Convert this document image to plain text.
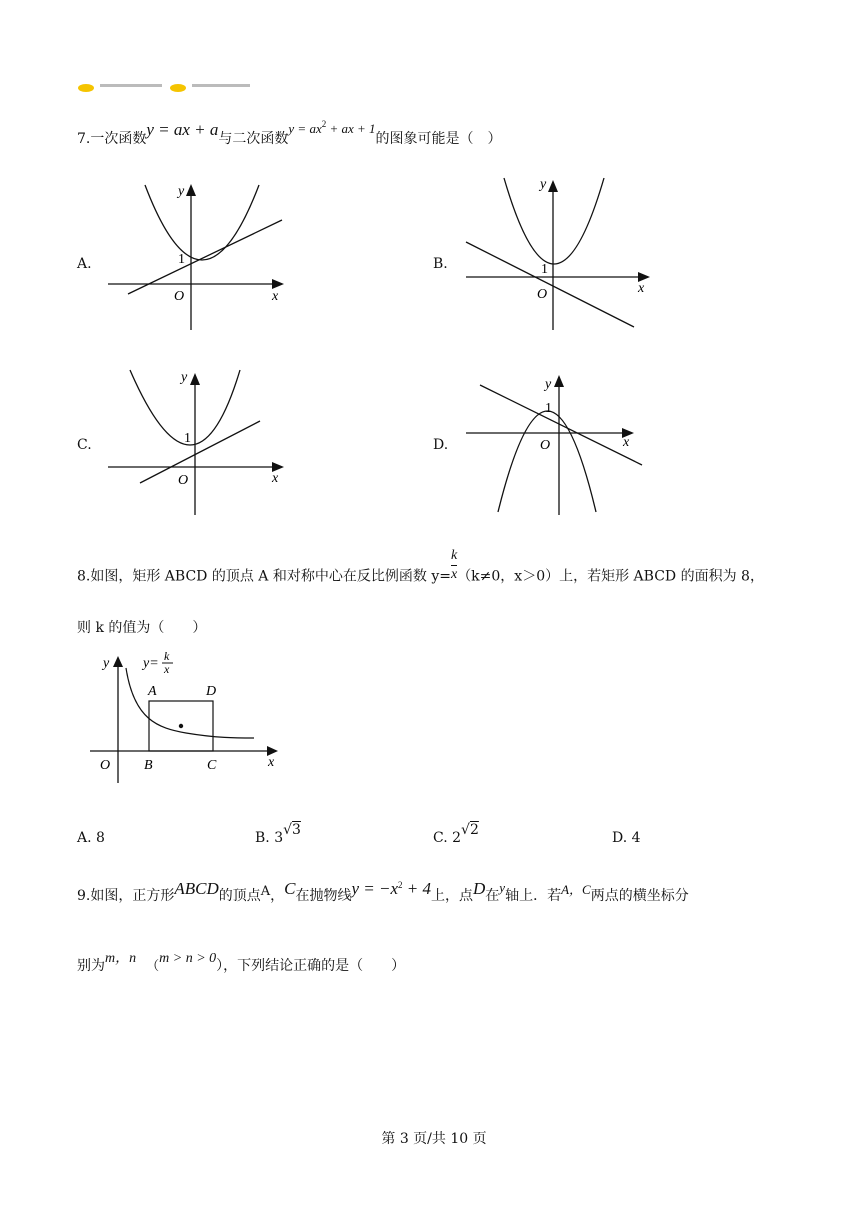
7.一次函数y = ax + a与二次函数$y = ax^2$ + ax + 1的图象可能是（　）
A.
y
1
O	x
B.
y
1
O	x
C.
y
1
O	x
D.
y
1
O	x
8.如图，矩形 ABCD 的顶点 A 和对称中心在反比例函数 $y= \frac{k}{x} (k\ne 0$，x＞0）上，若矩形 ABCD 的面积为 8，
则 k 的值为（　　）
y y= k
x
A	D
O B	C	x
A. 8	B. 3√3	C. 2√2	D. 4
9.如图，正方形ABCD的顶点A，C在抛物线$y = -x^2 + 4$上，点D在y轴上．若A，C两点的横坐标分
别为m，n（m > n > 0），下列结论正确的是（　　）
第 3 页/共 10 页
